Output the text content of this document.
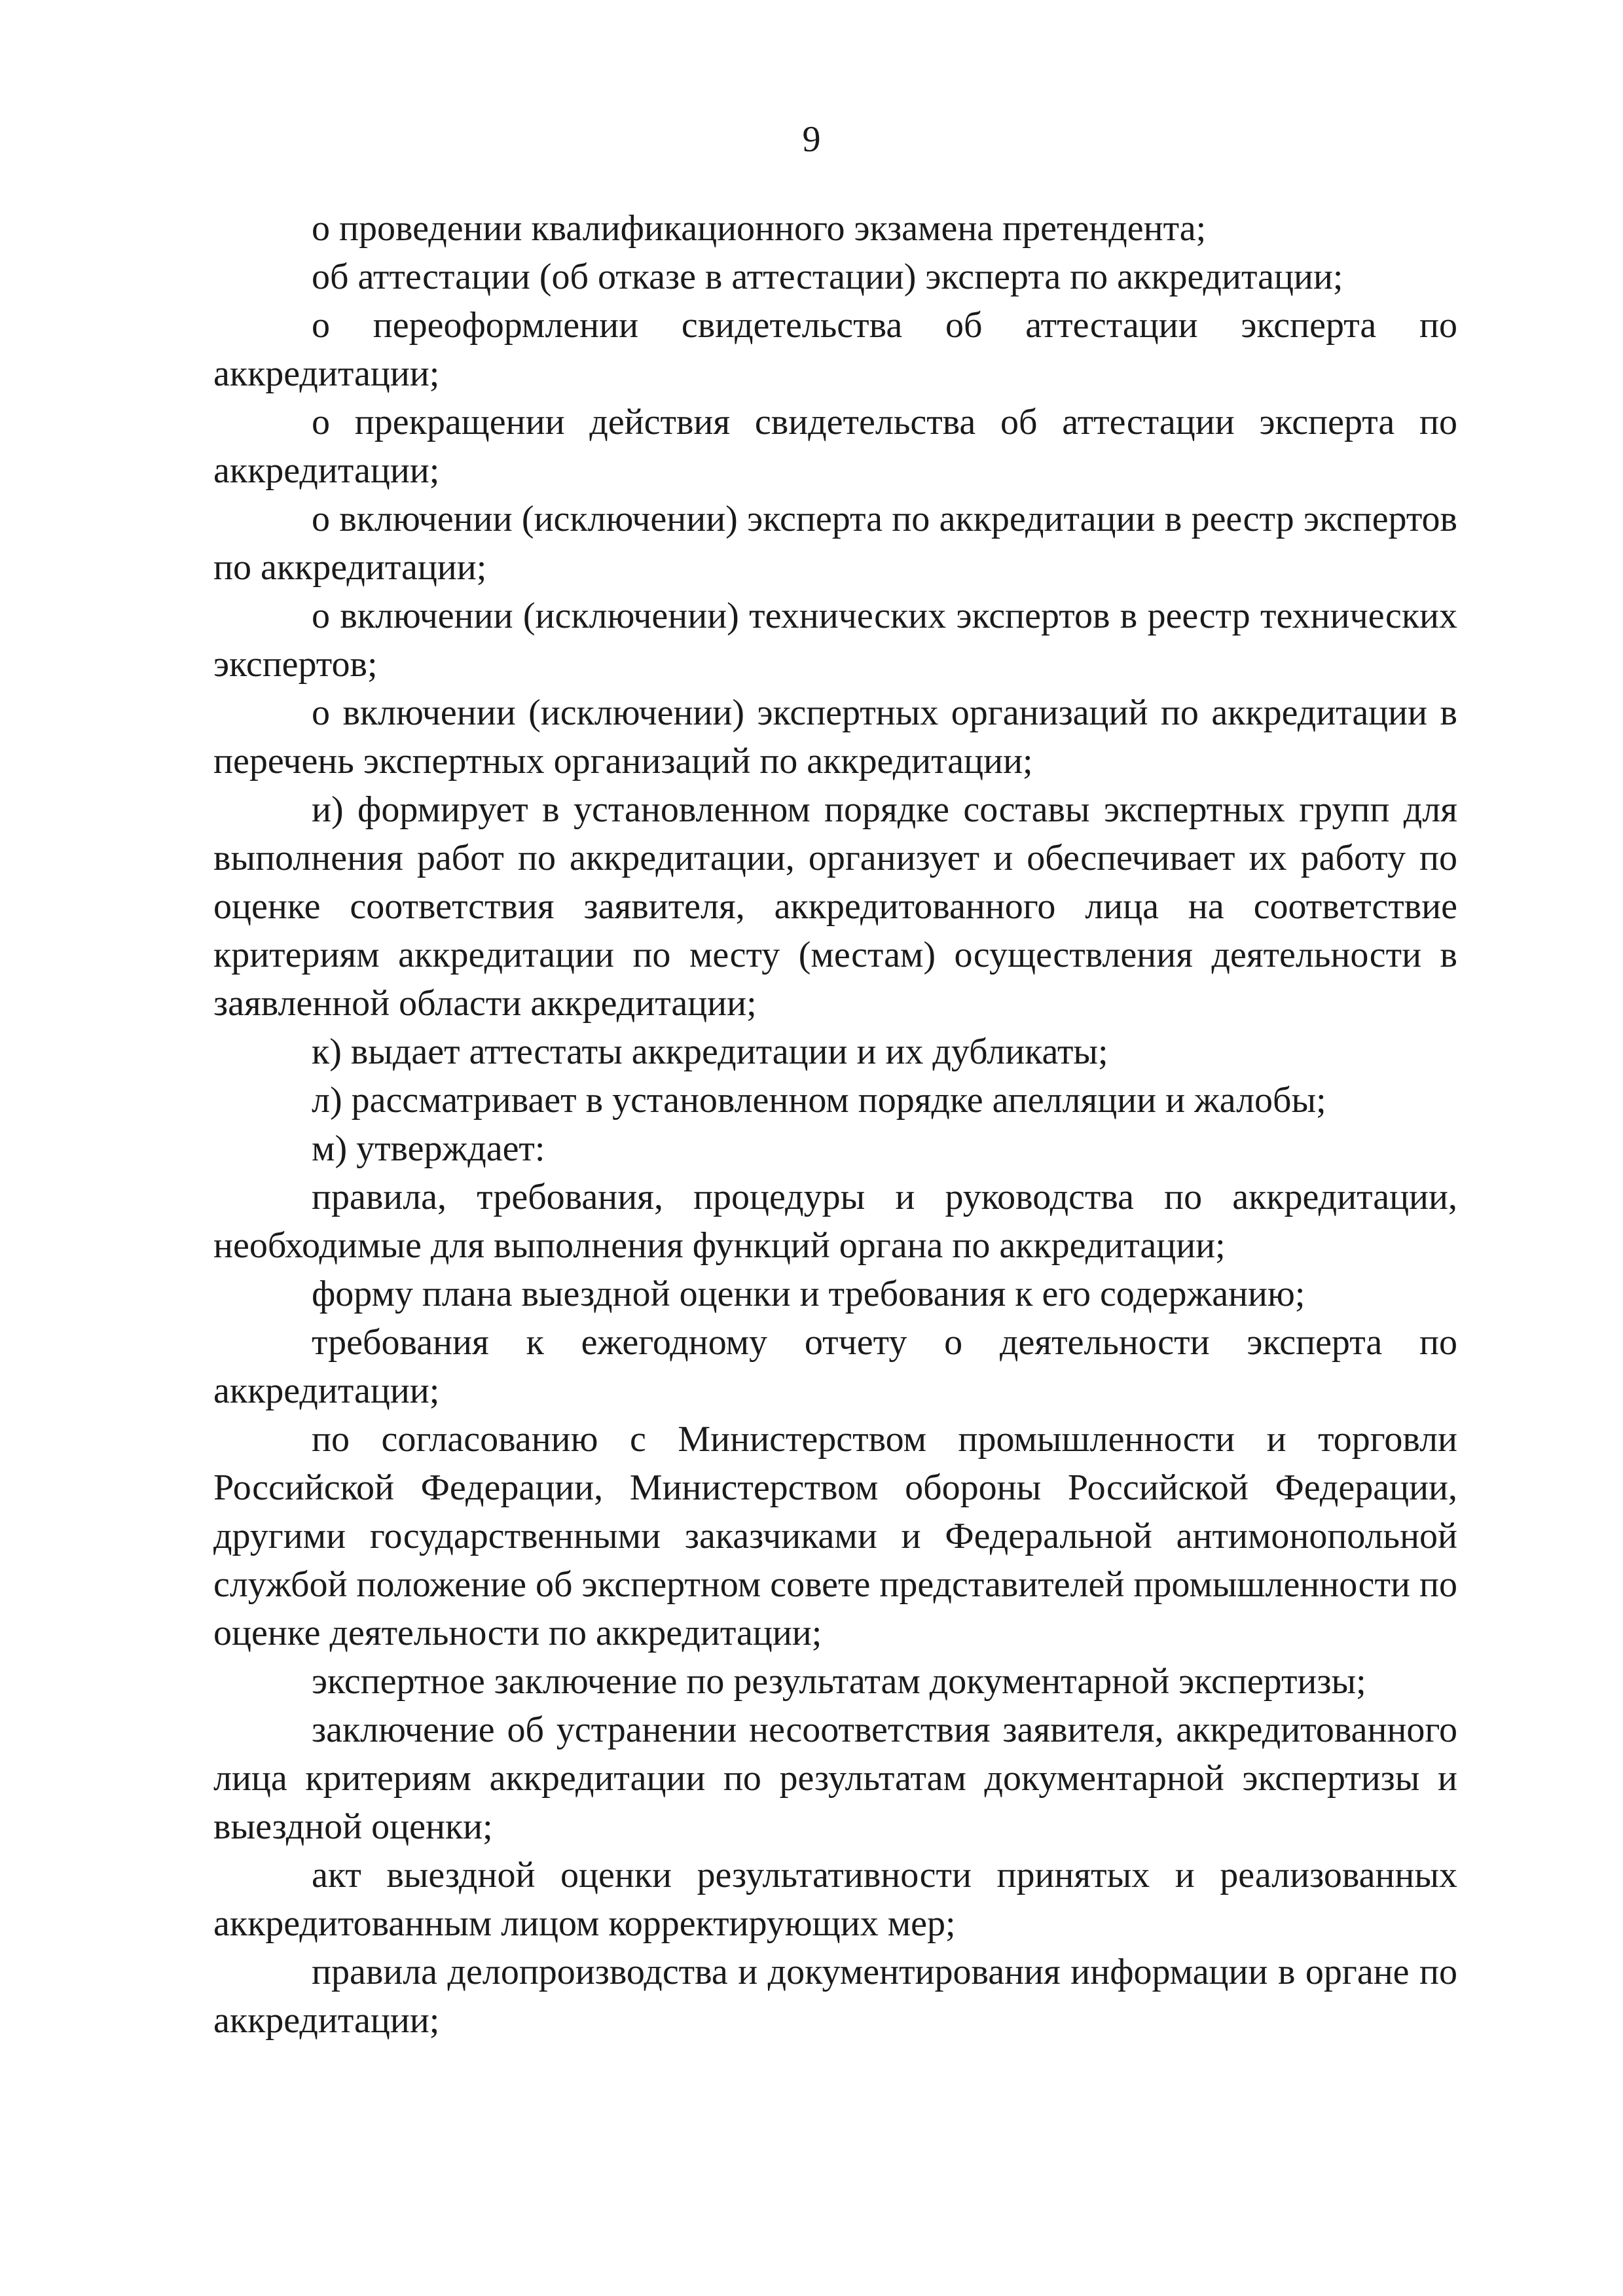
9

о проведении квалификационного экзамена претендента;

об аттестации (об отказе в аттестации) эксперта по аккредитации;

о переоформлении свидетельства об аттестации эксперта по аккредитации;

о прекращении действия свидетельства об аттестации эксперта по аккредитации;

о включении (исключении) эксперта по аккредитации в реестр экспертов по аккредитации;

о включении (исключении) технических экспертов в реестр технических экспертов;

о включении (исключении) экспертных организаций по аккредитации в перечень экспертных организаций по аккредитации;

и) формирует в установленном порядке составы экспертных групп для выполнения работ по аккредитации, организует и обеспечивает их работу по оценке соответствия заявителя, аккредитованного лица на соответствие критериям аккредитации по месту (местам) осуществления деятельности в заявленной области аккредитации;

к) выдает аттестаты аккредитации и их дубликаты;

л) рассматривает в установленном порядке апелляции и жалобы;

м) утверждает:

правила, требования, процедуры и руководства по аккредитации, необходимые для выполнения функций органа по аккредитации;

форму плана выездной оценки и требования к его содержанию;

требования к ежегодному отчету о деятельности эксперта по аккредитации;

по согласованию с Министерством промышленности и торговли Российской Федерации, Министерством обороны Российской Федерации, другими государственными заказчиками и Федеральной антимонопольной службой положение об экспертном совете представителей промышленности по оценке деятельности по аккредитации;

экспертное заключение по результатам документарной экспертизы;

заключение об устранении несоответствия заявителя, аккредитованного лица критериям аккредитации по результатам документарной экспертизы и выездной оценки;

акт выездной оценки результативности принятых и реализованных аккредитованным лицом корректирующих мер;

правила делопроизводства и документирования информации в органе по аккредитации;
